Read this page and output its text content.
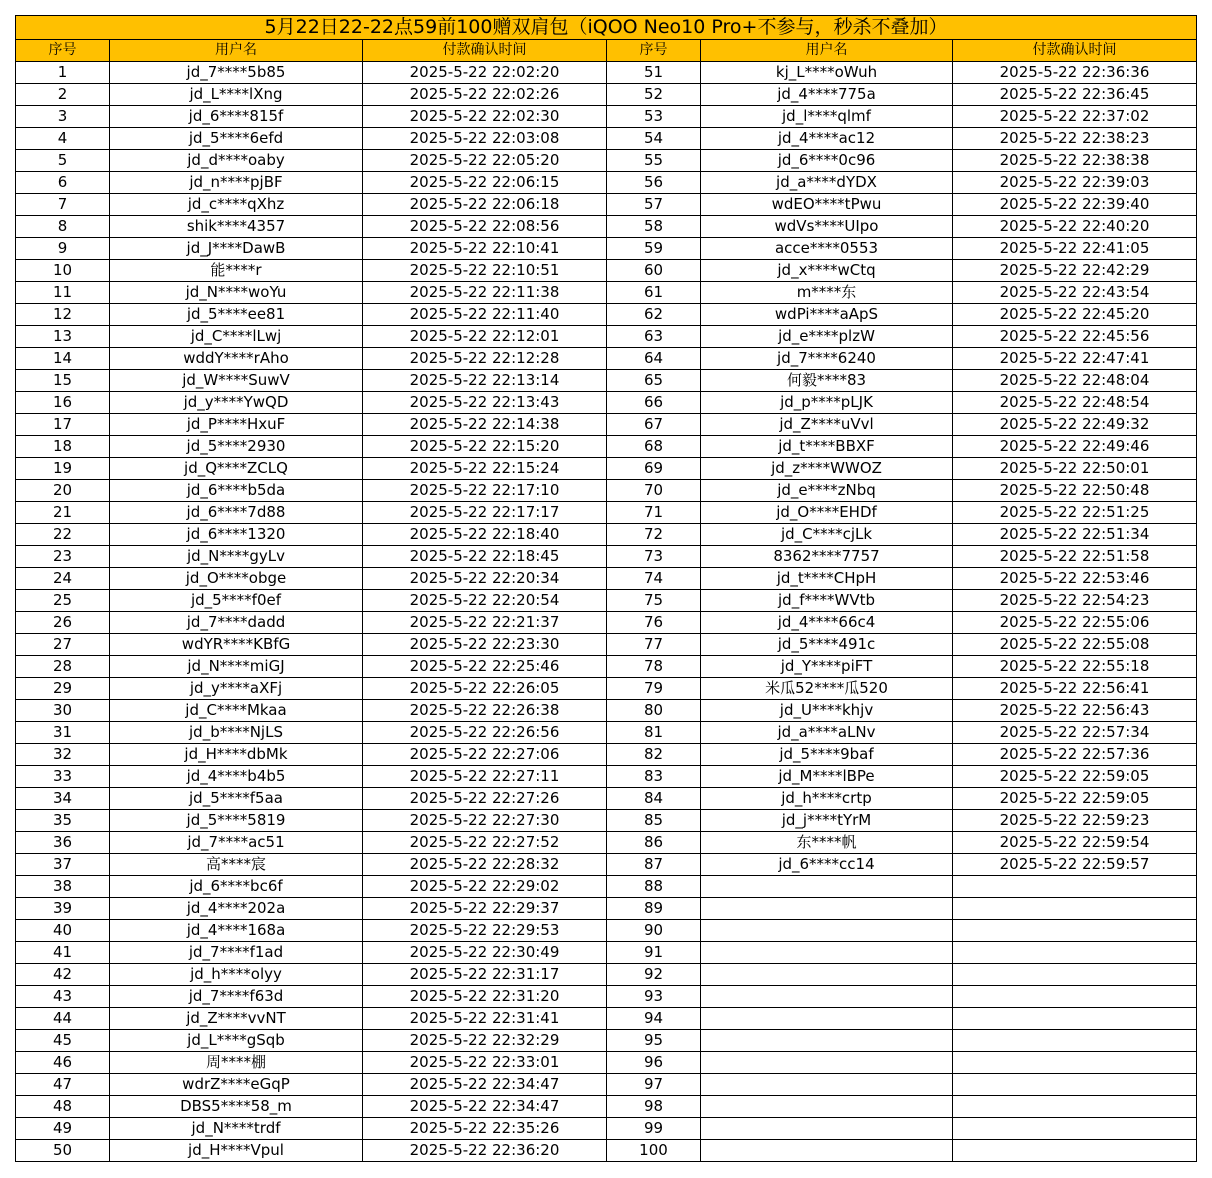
5月22日22-22点59前100赠双肩包（iQOO Neo10 Pro+不参与，秒杀不叠加）					
序号	用户名	付款确认时间	序号	用户名	付款确认时间
1	jd_7****5b85	2025-5-22 22:02:20	51	kj_L****oWuh	2025-5-22 22:36:36
2	jd_L****lXng	2025-5-22 22:02:26	52	jd_4****775a	2025-5-22 22:36:45
3	jd_6****815f	2025-5-22 22:02:30	53	jd_l****qlmf	2025-5-22 22:37:02
4	jd_5****6efd	2025-5-22 22:03:08	54	jd_4****ac12	2025-5-22 22:38:23
5	jd_d****oaby	2025-5-22 22:05:20	55	jd_6****0c96	2025-5-22 22:38:38
6	jd_n****pjBF	2025-5-22 22:06:15	56	jd_a****dYDX	2025-5-22 22:39:03
7	jd_c****qXhz	2025-5-22 22:06:18	57	wdEO****tPwu	2025-5-22 22:39:40
8	shik****4357	2025-5-22 22:08:56	58	wdVs****UIpo	2025-5-22 22:40:20
9	jd_J****DawB	2025-5-22 22:10:41	59	acce****0553	2025-5-22 22:41:05
10	能****r	2025-5-22 22:10:51	60	jd_x****wCtq	2025-5-22 22:42:29
11	jd_N****woYu	2025-5-22 22:11:38	61	m****东	2025-5-22 22:43:54
12	jd_5****ee81	2025-5-22 22:11:40	62	wdPi****aApS	2025-5-22 22:45:20
13	jd_C****lLwj	2025-5-22 22:12:01	63	jd_e****plzW	2025-5-22 22:45:56
14	wddY****rAho	2025-5-22 22:12:28	64	jd_7****6240	2025-5-22 22:47:41
15	jd_W****SuwV	2025-5-22 22:13:14	65	何毅****83	2025-5-22 22:48:04
16	jd_y****YwQD	2025-5-22 22:13:43	66	jd_p****pLJK	2025-5-22 22:48:54
17	jd_P****HxuF	2025-5-22 22:14:38	67	jd_Z****uVvl	2025-5-22 22:49:32
18	jd_5****2930	2025-5-22 22:15:20	68	jd_t****BBXF	2025-5-22 22:49:46
19	jd_Q****ZCLQ	2025-5-22 22:15:24	69	jd_z****WWOZ	2025-5-22 22:50:01
20	jd_6****b5da	2025-5-22 22:17:10	70	jd_e****zNbq	2025-5-22 22:50:48
21	jd_6****7d88	2025-5-22 22:17:17	71	jd_O****EHDf	2025-5-22 22:51:25
22	jd_6****1320	2025-5-22 22:18:40	72	jd_C****cjLk	2025-5-22 22:51:34
23	jd_N****gyLv	2025-5-22 22:18:45	73	8362****7757	2025-5-22 22:51:58
24	jd_O****obge	2025-5-22 22:20:34	74	jd_t****CHpH	2025-5-22 22:53:46
25	jd_5****f0ef	2025-5-22 22:20:54	75	jd_f****WVtb	2025-5-22 22:54:23
26	jd_7****dadd	2025-5-22 22:21:37	76	jd_4****66c4	2025-5-22 22:55:06
27	wdYR****KBfG	2025-5-22 22:23:30	77	jd_5****491c	2025-5-22 22:55:08
28	jd_N****miGJ	2025-5-22 22:25:46	78	jd_Y****piFT	2025-5-22 22:55:18
29	jd_y****aXFj	2025-5-22 22:26:05	79	米瓜52****瓜520	2025-5-22 22:56:41
30	jd_C****Mkaa	2025-5-22 22:26:38	80	jd_U****khjv	2025-5-22 22:56:43
31	jd_b****NjLS	2025-5-22 22:26:56	81	jd_a****aLNv	2025-5-22 22:57:34
32	jd_H****dbMk	2025-5-22 22:27:06	82	jd_5****9baf	2025-5-22 22:57:36
33	jd_4****b4b5	2025-5-22 22:27:11	83	jd_M****lBPe	2025-5-22 22:59:05
34	jd_5****f5aa	2025-5-22 22:27:26	84	jd_h****crtp	2025-5-22 22:59:05
35	jd_5****5819	2025-5-22 22:27:30	85	jd_j****tYrM	2025-5-22 22:59:23
36	jd_7****ac51	2025-5-22 22:27:52	86	东****帆	2025-5-22 22:59:54
37	高****宸	2025-5-22 22:28:32	87	jd_6****cc14	2025-5-22 22:59:57
38	jd_6****bc6f	2025-5-22 22:29:02	88		
39	jd_4****202a	2025-5-22 22:29:37	89		
40	jd_4****168a	2025-5-22 22:29:53	90		
41	jd_7****f1ad	2025-5-22 22:30:49	91		
42	jd_h****olyy	2025-5-22 22:31:17	92		
43	jd_7****f63d	2025-5-22 22:31:20	93		
44	jd_Z****vvNT	2025-5-22 22:31:41	94		
45	jd_L****gSqb	2025-5-22 22:32:29	95		
46	周****棚	2025-5-22 22:33:01	96		
47	wdrZ****eGqP	2025-5-22 22:34:47	97		
48	DBS5****58_m	2025-5-22 22:34:47	98		
49	jd_N****trdf	2025-5-22 22:35:26	99		
50	jd_H****Vpul	2025-5-22 22:36:20	100		
